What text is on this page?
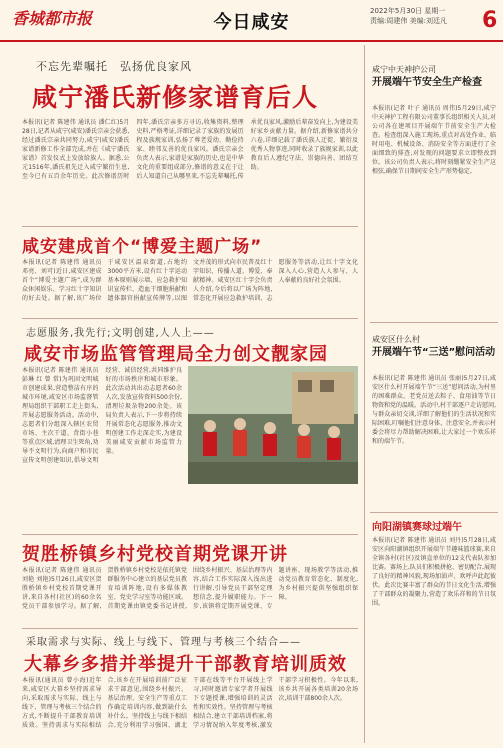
香城都市报	今日咸安
2022年5月30日 星期一
责编:周建伟 美编:刘廷凡 6
不忘先辈嘱托　弘扬优良家风
咸宁潘氏新修家谱育后人
本报讯(记者 陈建伟 通讯员 潘仁红)5月28日,记者从咸宁(咸安)潘氏宗亲会获悉,经过潘氏宗亲共同努力,咸宁(咸安)潘氏家谱新修工作全部完成,并在《咸宁潘氏家谱》首发仪式上发放给族人。据悉,公元1516年,潘氏祖先迁入咸宁繁衍生息,至今已有五百余年历史。此次修谱历时四年,潘氏宗亲多方寻访,收集资料,整理史料,严格考证,详细记录了家族的发展历程及族规家训,弘扬了尊老爱幼、勤俭持家、睦邻友善的优良家风。潘氏宗亲会负责人表示,家谱是家族的历史,也是中华文化的重要组成部分,修谱的意义在于让后人知道自己从哪里来,不忘先辈嘱托,传承优良家风,激励后辈奋发向上,为建设美好家乡贡献力量。据介绍,新修家谱共分六卷,详细记载了潘氏族人迁徙、繁衍及优秀人物事迹,同时收录了族规家训,以此教育后人遵纪守法、崇德向善、团结互助。
咸安建成首个“博爱主题广场”
本报讯(记者 陈建伟 通讯员 邓亮、刘可)近日,咸安区建成首个“博爱主题广场”,成为群众休闲娱乐、学习红十字知识的好去处。据了解,该广场位于咸安区温泉街道,占地约3000平方米,设有红十字运动基本原则展示墙、应急救护知识宣传栏、造血干细胞捐献和遗体器官捐献宣传牌等,以图文并茂的形式向市民普及红十字知识、传播人道、博爱、奉献精神。咸安区红十字会负责人介绍,今后将以广场为阵地,常态化开展应急救护培训、志愿服务等活动,让红十字文化深入人心,营造人人参与、人人奉献的良好社会氛围。
志愿服务,我先行;文明创建,人人上——
咸安市场监管管理局全力创文靓家园
本报讯(记者 陈建伟 通讯员 彭琳 红 曾 常)为巩固文明城市创建成果,营造整洁有序的城市环境,咸安区市场监督管理局组织干部职工走上街头,开展志愿服务活动。活动中,志愿者们分组深入辖区农贸市场、主次干道、背街小巷等重点区域,清理卫生死角,劝导不文明行为,向商户和市民宣传文明创建知识,倡导文明经营、诚信经营,共同维护良好的市场秩序和城市形象。此次活动共出动志愿者60余人次,发放宣传资料500余份,清理垃圾杂物200余处。该局负责人表示,下一步将持续开展常态化志愿服务,推动文明创建工作走深走实,为建设美丽咸安贡献市场监管力量。
贺胜桥镇乡村党校首期党课开讲
本报讯(记者 陈建伟 通讯员 刘艳 刘艳)5月26日,咸安区贺胜桥镇乡村党校首期党课开讲,来自各村(社区)的60余名党员干部参加学习。据了解,贺胜桥镇乡村党校是依托镇党群服务中心建立的基层党员教育培训阵地,设有多媒体教室、党史学习室等功能区域。首期党课由镇党委书记讲授,围绕乡村振兴、基层治理等内容,结合工作实际深入浅出进行讲解,引导党员干部坚定理想信念,提升履职能力。下一步,该镇将定期开展党课、专题讲座、现场教学等活动,推动党员教育常态化、制度化,为乡村振兴提供坚强组织保障。
采取需求与实际、线上与线下、管理与考核三个结合——
大幕乡多措并举提升干部教育培训质效
本报讯(通讯员 曾小海)近年来,咸安区大幕乡坚持需求导向,采取需求与实际、线上与线下、管理与考核三个结合的方式,不断提升干部教育培训质效。坚持需求与实际相结合,该乡在开展培训前广泛征求干部意见,围绕乡村振兴、基层治理、安全生产等重点工作确定培训内容,做到缺什么补什么。坚持线上与线下相结合,充分利用学习强国、湖北干部在线等平台开展线上学习,同时邀请专家学者开展线下专题授课,增强培训的灵活性和实效性。坚持管理与考核相结合,建立干部培训档案,将学习情况纳入年度考核,激发干部学习积极性。今年以来,该乡共开展各类培训20余场次,培训干部800余人次。
咸宁中天神护公司
开展端午节安全生产检查
本报讯(记者 叶子 通讯员 周伟)5月29日,咸宁中天神护工程有限公司董事长组织相关人员,对公司各在建项目开展端午节前安全生产大检查。检查组深入施工现场,重点对高处作业、临时用电、机械设备、消防安全等方面进行了全面细致的排查,对发现的问题要求立即整改到位。该公司负责人表示,将时刻绷紧安全生产这根弦,确保节日期间安全生产形势稳定。
咸安区什么村
开展端午节“三送”慰问活动
本报讯(记者 陈建伟 通讯员 张丽)5月27日,咸安区什么村开展端午节“三送”慰问活动,为村里的困难群众、老党员送去粽子、食用油等节日物资和党的温暖。活动中,村干部逐户走访慰问,与群众亲切交谈,详细了解他们的生活状况和实际困难,叮嘱他们注意身体、注意安全,并表示村委会将尽力帮助解决困难,让大家过一个欢乐祥和的端午节。
向阳湖镇赛球过端午
本报讯(记者 陈建伟 通讯员 刘丹)5月28日,咸安区向阳湖镇组织开展端午节趣味篮球赛,来自全镇各村(社区)及镇直单位的12支代表队参加比赛。赛场上,队员们积极拼抢、密切配合,展现了良好的精神风貌,现场加油声、欢呼声此起彼伏。此次比赛丰富了群众的节日文化生活,增强了干部群众的凝聚力,营造了欢乐祥和的节日氛围。
